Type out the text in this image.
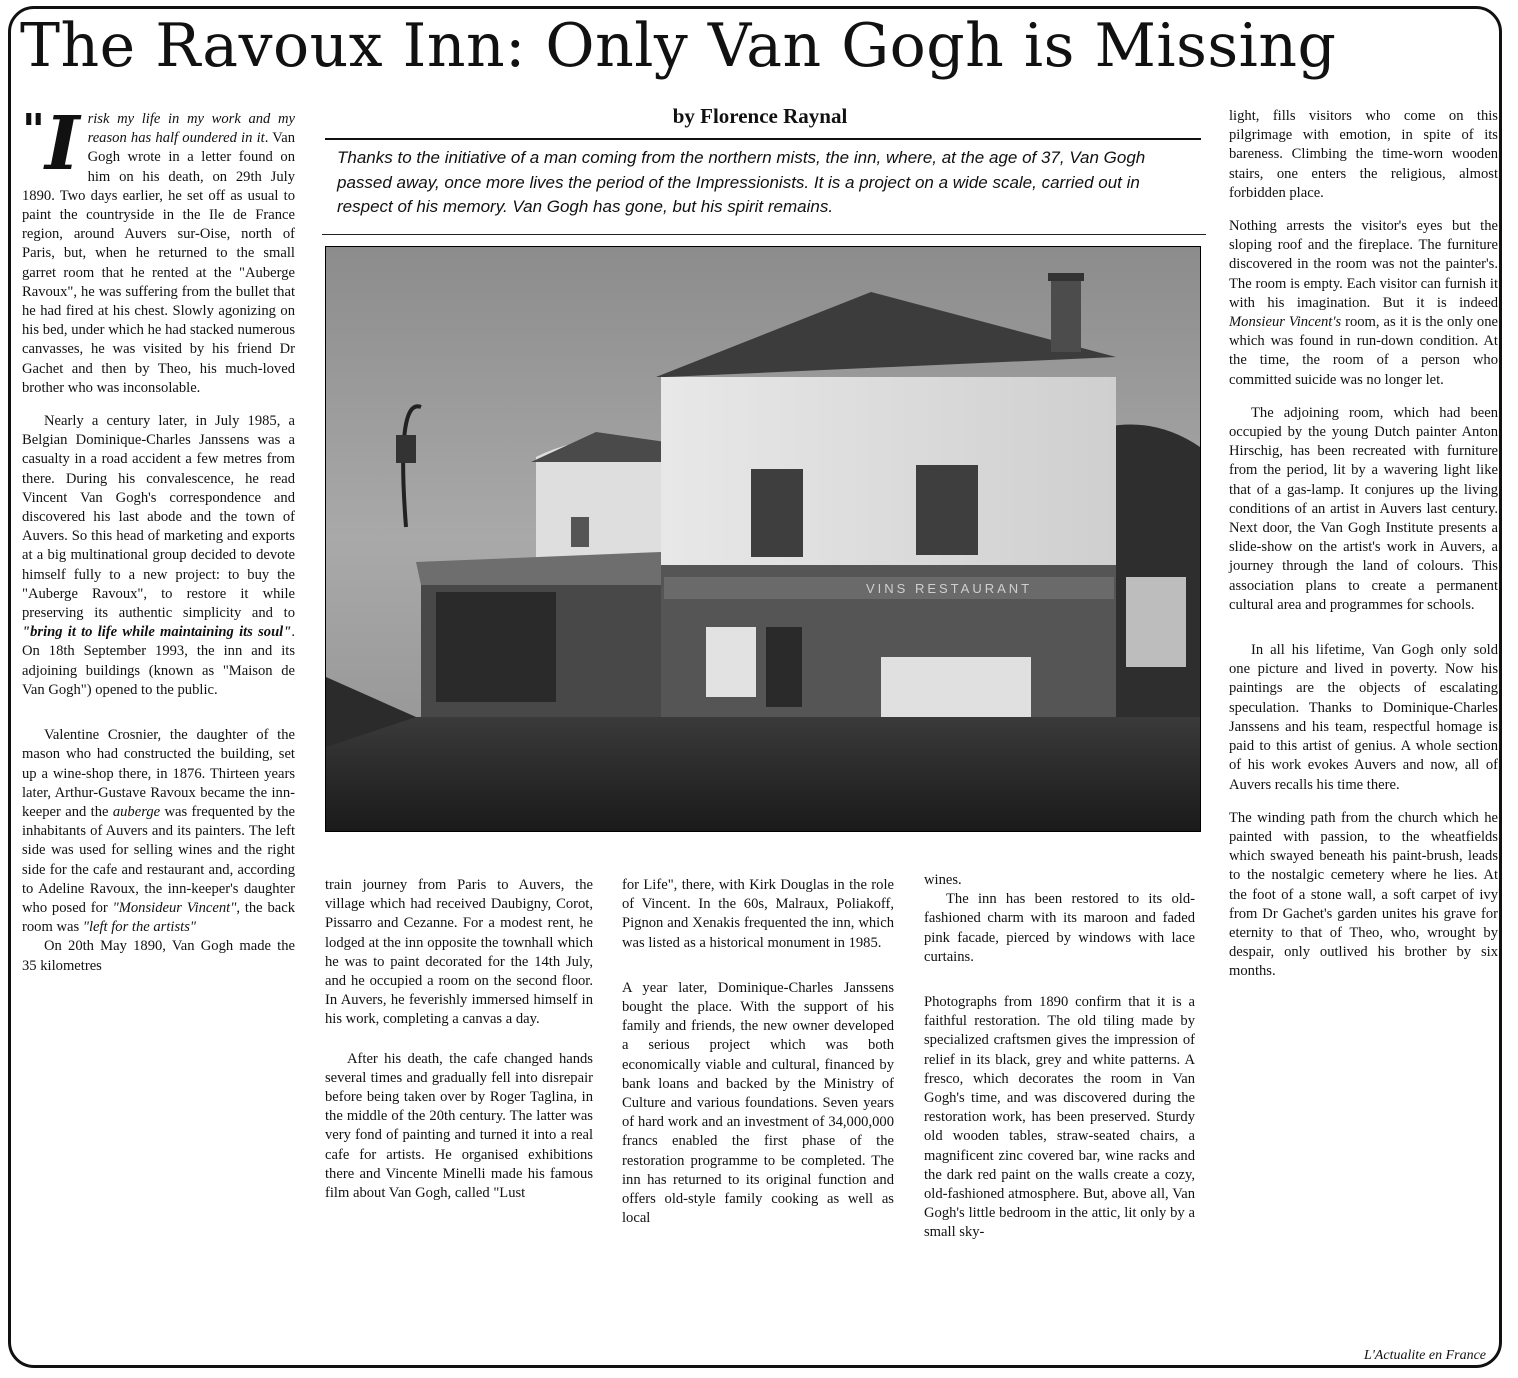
The Ravoux Inn: Only Van Gogh is Missing

"I risk my life in my work and my reason has half oundered in it. Van Gogh wrote in a letter found on him on his death, on 29th July 1890. Two days earlier, he set off as usual to paint the countryside in the Ile de France region, around Auvers sur-Oise, north of Paris, but, when he returned to the small garret room that he rented at the "Auberge Ravoux", he was suffering from the bullet that he had fired at his chest. Slowly agonizing on his bed, under which he had stacked numerous canvasses, he was visited by his friend Dr Gachet and then by Theo, his much-loved brother who was inconsolable.

Nearly a century later, in July 1985, a Belgian Dominique-Charles Janssens was a casualty in a road accident a few metres from there. During his convalescence, he read Vincent Van Gogh's correspondence and discovered his last abode and the town of Auvers. So this head of marketing and exports at a big multinational group decided to devote himself fully to a new project: to buy the "Auberge Ravoux", to restore it while preserving its authentic simplicity and to "bring it to life while maintaining its soul". On 18th September 1993, the inn and its adjoining buildings (known as "Maison de Van Gogh") opened to the public.

Valentine Crosnier, the daughter of the mason who had constructed the building, set up a wine-shop there, in 1876. Thirteen years later, Arthur-Gustave Ravoux became the inn-keeper and the auberge was frequented by the inhabitants of Auvers and its painters. The left side was used for selling wines and the right side for the cafe and restaurant and, according to Adeline Ravoux, the inn-keeper's daughter who posed for "Monsideur Vincent", the back room was "left for the artists"

On 20th May 1890, Van Gogh made the 35 kilometres

by Florence Raynal
Thanks to the initiative of a man coming from the northern mists, the inn, where, at the age of 37, Van Gogh passed away, once more lives the period of the Impressionists. It is a project on a wide scale, carried out in respect of his memory. Van Gogh has gone, but his spirit remains.
VINS RESTAURANT

train journey from Paris to Auvers, the village which had received Daubigny, Corot, Pissarro and Cezanne. For a modest rent, he lodged at the inn opposite the townhall which he was to paint decorated for the 14th July, and he occupied a room on the second floor. In Auvers, he feverishly immersed himself in his work, completing a canvas a day.

After his death, the cafe changed hands several times and gradually fell into disrepair before being taken over by Roger Taglina, in the middle of the 20th century. The latter was very fond of painting and turned it into a real cafe for artists. He organised exhibitions there and Vincente Minelli made his famous film about Van Gogh, called "Lust

for Life", there, with Kirk Douglas in the role of Vincent. In the 60s, Malraux, Poliakoff, Pignon and Xenakis frequented the inn, which was listed as a historical monument in 1985.

A year later, Dominique-Charles Janssens bought the place. With the support of his family and friends, the new owner developed a serious project which was both economically viable and cultural, financed by bank loans and backed by the Ministry of Culture and various foundations. Seven years of hard work and an investment of 34,000,000 francs enabled the first phase of the restoration programme to be completed. The inn has returned to its original function and offers old-style family cooking as well as local

wines.

The inn has been restored to its old-fashioned charm with its maroon and faded pink facade, pierced by windows with lace curtains.

Photographs from 1890 confirm that it is a faithful restoration. The old tiling made by specialized craftsmen gives the impression of relief in its black, grey and white patterns. A fresco, which decorates the room in Van Gogh's time, and was discovered during the restoration work, has been preserved. Sturdy old wooden tables, straw-seated chairs, a magnificent zinc covered bar, wine racks and the dark red paint on the walls create a cozy, old-fashioned atmosphere. But, above all, Van Gogh's little bedroom in the attic, lit only by a small sky-

light, fills visitors who come on this pilgrimage with emotion, in spite of its bareness. Climbing the time-worn wooden stairs, one enters the religious, almost forbidden place.

Nothing arrests the visitor's eyes but the sloping roof and the fireplace. The furniture discovered in the room was not the painter's. The room is empty. Each visitor can furnish it with his imagination. But it is indeed Monsieur Vincent's room, as it is the only one which was found in run-down condition. At the time, the room of a person who committed suicide was no longer let.

The adjoining room, which had been occupied by the young Dutch painter Anton Hirschig, has been recreated with furniture from the period, lit by a wavering light like that of a gas-lamp. It conjures up the living conditions of an artist in Auvers last century. Next door, the Van Gogh Institute presents a slide-show on the artist's work in Auvers, a journey through the land of colours. This association plans to create a permanent cultural area and programmes for schools.

In all his lifetime, Van Gogh only sold one picture and lived in poverty. Now his paintings are the objects of escalating speculation. Thanks to Dominique-Charles Janssens and his team, respectful homage is paid to this artist of genius. A whole section of his work evokes Auvers and now, all of Auvers recalls his time there.

The winding path from the church which he painted with passion, to the wheatfields which swayed beneath his paint-brush, leads to the nostalgic cemetery where he lies. At the foot of a stone wall, a soft carpet of ivy from Dr Gachet's garden unites his grave for eternity to that of Theo, who, wrought by despair, only outlived his brother by six months.

L'Actualite en France
